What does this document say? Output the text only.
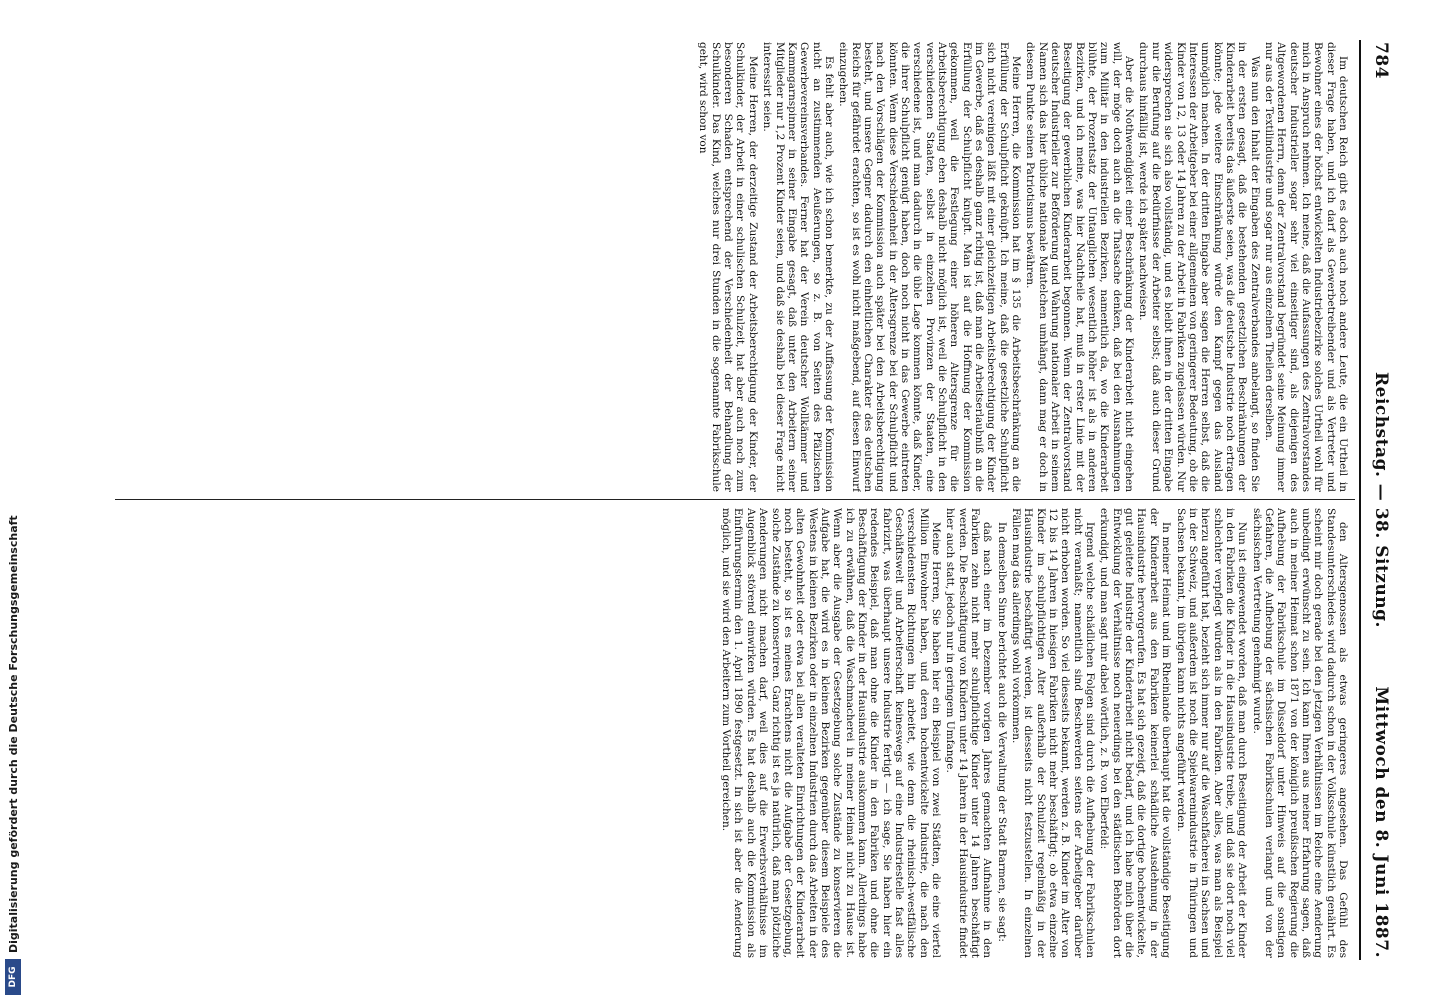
784
Reichstag. — 38. Sitzung.
Mittwoch den 8. Juni 1887.

Im deutschen Reich gibt es doch auch noch andere Leute, die ein Urtheil in dieser Frage haben, und ich darf als Gewerbetreibender und als Vertreter und Bewohner eines der höchst entwickelten Industriebezirke solches Urtheil wohl für mich in Anspruch nehmen. Ich meine, daß die Aufassungen des Zentralvorstandes deutscher Industrieller sogar sehr viel einseitiger sind, als diejenigen des Altgewordenen Herrn, denn der Zentralvorstand begründet seine Meinung immer nur aus der Textilindustrie und sogar nur aus einzelnen Theilen derselben.

Was nun den Inhalt der Eingaben des Zentralverbandes anbelangt, so finden Sie in der ersten gesagt, daß die bestehenden gesetzlichen Beschränkungen der Kinderarbeit bereits das äußerste seien, was die deutsche Industrie noch ertragen könnte; jede weitere Einschränkung würde den Kampf gegen das Ausland unmöglich machen. In der dritten Eingabe aber sagen die Herren selbst, daß die Interessen der Arbeitgeber bei einer allgemeinen von geringerer Bedeutung, ob die Kinder von 12, 13 oder 14 Jahren zu der Arbeit in Fabriken zugelassen würden. Nur widersprechen sie sich also vollständig, und es bleibt ihnen in der dritten Eingabe nur die Berufung auf die Bedürfnisse der Arbeiter selbst; daß auch dieser Grund durchaus hinfällig ist, werde ich später nachweisen.

Aber die Nothwendigkeit einer Beschränkung der Kinderarbeit nicht eingehen will, der möge doch auch an die Thatsache denken, daß bei den Ausnahmungen zum Militär in den industriellen Bezirken, namentlich da, wo die Kinderarbeit blühte, der Prozentsatz der Untauglichen wesentlich höher ist als in anderen Bezirken, und ich meine, was hier Nachtheile hat, muß in erster Linie mit der Beseitigung der gewerblichen Kinderarbeit begonnen. Wenn der Zentralvorstand deutscher Industrieller zur Beförderung und Wahrung nationaler Arbeit in seinem Namen sich das hier übliche nationale Mäntelchen umhängt, dann mag er doch in diesem Punkte seinen Patriotismus bewähren.

Meine Herren, die Kommission hat im § 135 die Arbeitsbeschränkung an die Erfüllung der Schulpflicht geknüpft. Ich meine, daß die gesetzliche Schulpflicht sich nicht vereinigen läßt mit einer gleichzeitigen Arbeitsberechtigung der Kinder im Gewerbe, daß es deshalb ganz richtig ist, daß man die Arbeitserlaubniß an die Erfüllung der Schulpflicht knüpft. Man ist auf die Hoffnung der Kommission gekommen, weil die Festlegung einer höheren Altersgrenze für die Arbeitsberechtigung eben deshalb nicht möglich ist, weil die Schulpflicht in den verschiedenen Staaten, selbst in einzelnen Provinzen der Staaten, eine verschiedene ist, und man dadurch in die üble Lage kommen könnte, daß Kinder, die ihrer Schulpflicht genügt haben, doch noch nicht in das Gewerbe eintreten könnten. Wenn diese Verschiedenheit in der Altersgrenze bei der Schulpflicht und nach den Vorschlägen der Kommission auch später bei den Arbeitsberechtigung besteht, und unsere Gegner dadurch den einheitlichen Charakter des deutschen Reichs für gefährdet erachten, so ist es wohl nicht maßgebend, auf diesen Einwurf einzugehen.

Es fehlt aber auch, wie ich schon bemerkte, zu der Auffassung der Kommission nicht an zustimmenden Aeußerungen, so z. B. von Seiten des Pfälzischen Gewerbevereinsverbandes. Ferner hat der Verein deutscher Wollkämmer und Kammgarnspinner in seiner Eingabe gesagt, daß unter den Arbeitern seiner Mitglieder nur 1,2 Prozent Kinder seien, und daß sie deshalb bei dieser Frage nicht interessirt seien.

Meine Herren, der derzeitige Zustand der Arbeitsberechtigung der Kinder, der Schulkinder, der Arbeit in einer schulischen Schulzeit, hat aber auch noch zum besonderen Schaden entsprechend der Verschiedenheit der Behandlung der Schulkinder. Das Kind, welches nur drei Stunden in die sogenannte Fabrikschule geht, wird schon von

den Altersgenossen als etwas geringeres angesehen. Das Gefühl des Standesunterschiedes wird dadurch schon in der Volksschule künstlich genährt. Es scheint mir doch gerade bei den jetzigen Verhältnissen im Reiche eine Aenderung unbedingt erwünscht zu sein. Ich kann Ihnen aus meiner Erfahrung sagen, daß auch in meiner Heimat schon 1871 von der königlich preußischen Regierung die Aufhebung der Fabrikschule im Düsseldorf unter Hinweis auf die sonstigen Gefahren, die Aufhebung der sächsischen Fabrikschulen verlangt und von der sächsischen Vertretung genehmigt wurde.

Nun ist eingewendet worden, daß man durch Beseitigung der Arbeit der Kinder in den Fabriken die Kinder in die Hausindustrie treibe, und daß sie dort noch viel schlechter verpflegt würden als in den Fabriken. Aber alles, was man als Beispiel hierzu angeführt hat, bezieht sich immer nur auf die Waschfächerei in Sachsen und in der Schweiz, und außerdem ist noch die Spielwarenindustrie in Thüringen und Sachsen bekannt, im übrigen kann nichts angeführt werden.

In meiner Heimat und im Rheinlande überhaupt hat die vollständige Beseitigung der Kinderarbeit aus den Fabriken keinerlei schädliche Ausdehnung in der Hausindustrie hervorgerufen. Es hat sich gezeigt, daß die dortige hochentwickelte, gut geleitete Industrie der Kinderarbeit nicht bedarf, und ich habe mich über die Entwicklung der Verhältnisse noch neuerdings bei den städtischen Behörden dort erkundigt, und man sagt mir dabei wörtlich, z. B. von Elberfeld:

Irgend welche schädlichen Folgen sind durch die Aufhebung der Fabrikschulen nicht veranlaßt; namentlich sind Beschwerden seitens der Arbeitgeber darüber nicht erhoben worden. So viel diesseits bekannt, werden z. B. Kinder im Alter von 12 bis 14 Jahren in hiesigen Fabriken nicht mehr beschäftigt; ob etwa einzelne Kinder im schulpflichtigen Alter außerhalb der Schulzeit regelmäßig in der Hausindustrie beschäftigt werden, ist diesseits nicht festzustellen. In einzelnen Fällen mag das allerdings wohl vorkommen.

In demselben Sinne berichtet auch die Verwaltung der Stadt Barmen, sie sagt:

daß nach einer im Dezember vorigen Jahres gemachten Aufnahme in den Fabriken zehn nicht mehr schulpflichtige Kinder unter 14 Jahren beschäftigt werden. Die Beschäftigung von Kindern unter 14 Jahren in der Hausindustrie findet hier auch statt, jedoch nur in geringem Umfange.

Meine Herren, Sie haben hier ein Beispiel von zwei Städten, die eine viertel Million Einwohner haben, und deren hochentwickelte Industrie, die nach den verschiedensten Richtungen hin arbeitet, wie denn die rheinisch-westfälische Geschäftswelt und Arbeiterschaft keineswegs auf eine Industriestelle fast alles fabrizirt, was überhaupt unsere Industrie fertigt — ich sage, Sie haben hier ein redendes Beispiel, daß man ohne die Kinder in den Fabriken und ohne die Beschäftigung der Kinder in der Hausindustrie auskommen kann. Allerdings habe ich zu erwähnen, daß die Waschmacherei in meiner Heimat nicht zu Hause ist. Wenn aber die Ausgabe der Gesetzgebung solche Zustände zu konservieren die Aufgabe hat, die wird es in kleinen Bezirken gegenüber diesem Beispiele des Westens in kleinen Bezirken oder in einzelnen Industrien durch das Arbeiten in der alten Gewohnheit oder etwa bei allen veralteten Einrichtungen der Kinderarbeit noch besteht, so ist es meines Erachtens nicht die Aufgabe der Gesetzgebung, solche Zustände zu konserviren. Ganz richtig ist es ja natürlich, daß man plötzliche Aenderungen nicht machen darf, weil dies auf die Erwerbsverhältnisse im Augenblick störend einwirken würden. Es hat deshalb auch die Kommission als Einführungstermin den 1. April 1890 festgesetzt. In sich ist aber die Aenderung möglich, und sie wird den Arbeitern zum Vortheil gereichen.

DFG
Digitalisierung gefördert durch die Deutsche Forschungsgemeinschaft
